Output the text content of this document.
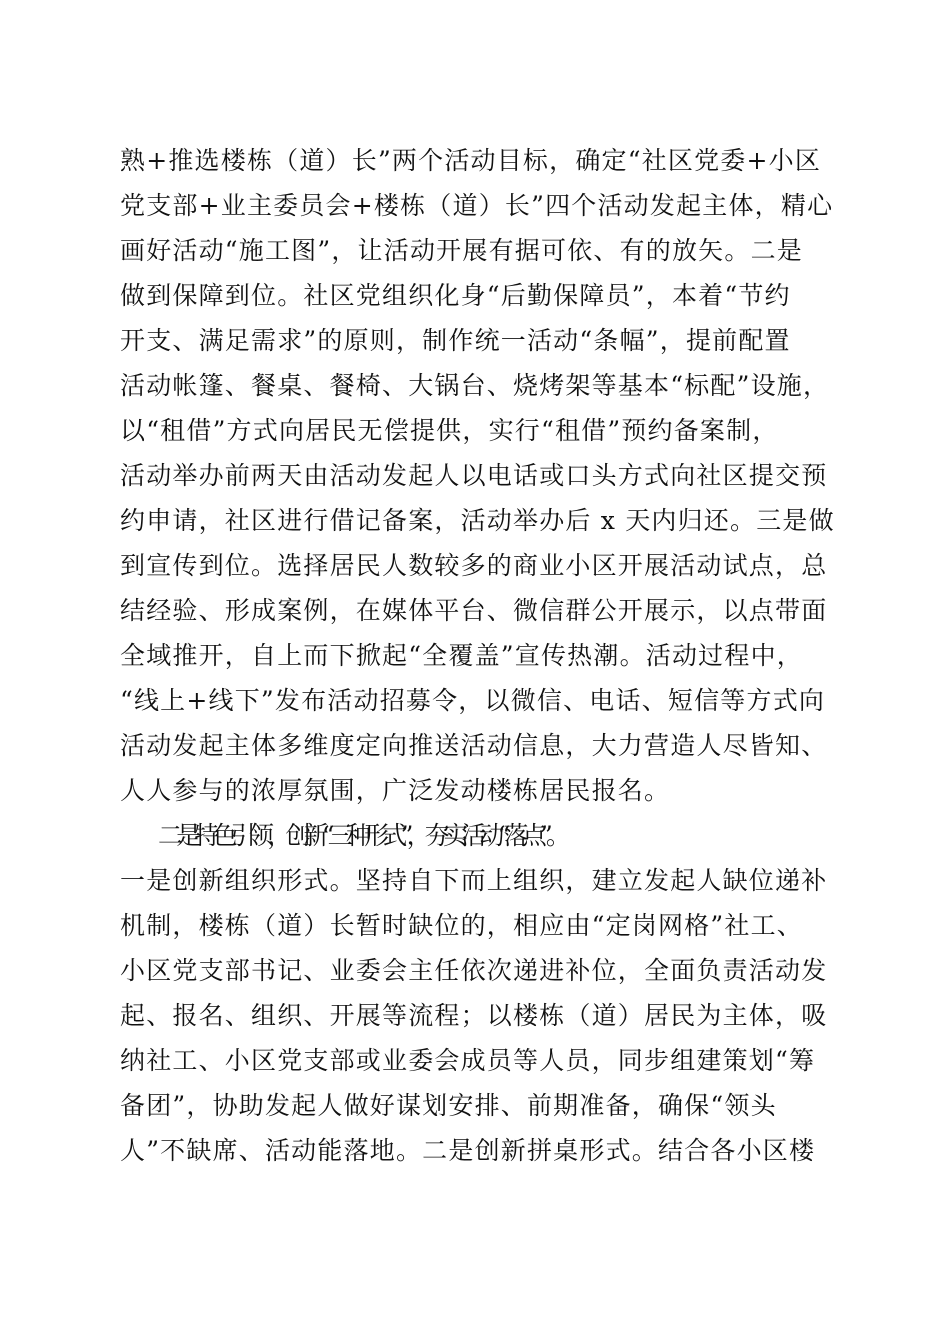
熟+推选楼栋（道）长”两个活动目标，确定“社区党委+小区
党支部+业主委员会+楼栋（道）长”四个活动发起主体，精心
画好活动“施工图”，让活动开展有据可依、有的放矢。二是
做到保障到位。社区党组织化身“后勤保障员”，本着“节约
开支、满足需求”的原则，制作统一活动“条幅”，提前配置
活动帐篷、餐桌、餐椅、大锅台、烧烤架等基本“标配”设施，
以“租借”方式向居民无偿提供，实行“租借”预约备案制，
活动举办前两天由活动发起人以电话或口头方式向社区提交预
约申请，社区进行借记备案，活动举办后 x 天内归还。三是做
到宣传到位。选择居民人数较多的商业小区开展活动试点，总
结经验、形成案例，在媒体平台、微信群公开展示，以点带面
全域推开，自上而下掀起“全覆盖”宣传热潮。活动过程中，
“线上+线下”发布活动招募令，以微信、电话、短信等方式向
活动发起主体多维度定向推送活动信息，大力营造人尽皆知、
人人参与的浓厚氛围，广泛发动楼栋居民报名。
二是特色引领，创新“三种形式”，夯实活动“落点”。
一是创新组织形式。坚持自下而上组织，建立发起人缺位递补
机制，楼栋（道）长暂时缺位的，相应由“定岗网格”社工、
小区党支部书记、业委会主任依次递进补位，全面负责活动发
起、报名、组织、开展等流程；以楼栋（道）居民为主体，吸
纳社工、小区党支部或业委会成员等人员，同步组建策划“筹
备团”，协助发起人做好谋划安排、前期准备，确保“领头
人”不缺席、活动能落地。二是创新拼桌形式。结合各小区楼
